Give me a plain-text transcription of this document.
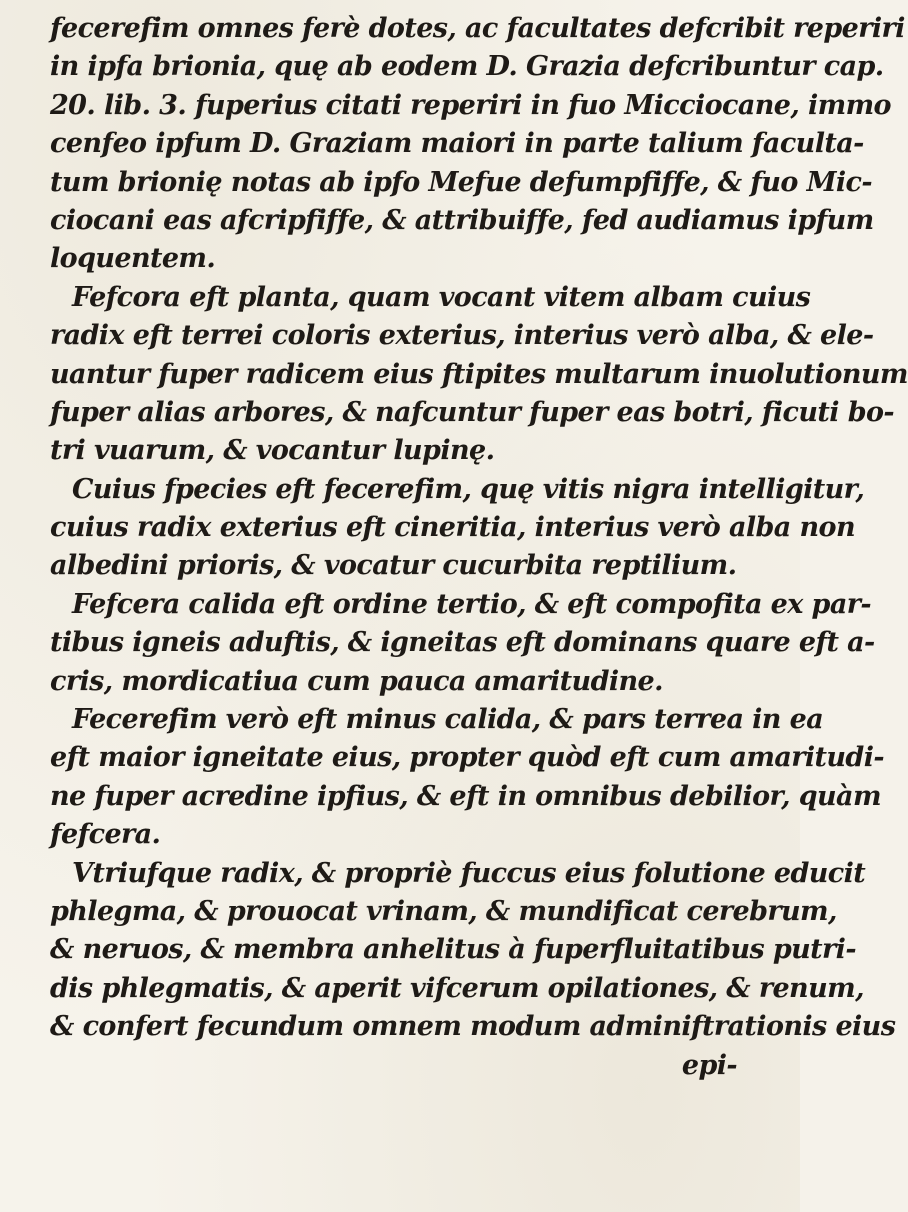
fecerefim omnes ferè dotes, ac facultates defcribit reperiri
in ipfa brionia, quę ab eodem D. Grazia defcribuntur cap.
20. lib. 3. fuperius citati reperiri in fuo Micciocane, immo
cenfeo ipfum D. Graziam maiori in parte talium faculta-
tum brionię notas ab ipfo Mefue defumpfiffe, & fuo Mic-
ciocani eas afcripfiffe, & attribuiffe, fed audiamus ipfum
loquentem.
Fefcora eft planta, quam vocant vitem albam cuius
radix eft terrei coloris exterius, interius verò alba, & ele-
uantur fuper radicem eius ftipites multarum inuolutionum
fuper alias arbores, & nafcuntur fuper eas botri, ficuti bo-
tri vuarum, & vocantur lupinę.
Cuius fpecies eft fecerefim, quę vitis nigra intelligitur,
cuius radix exterius eft cineritia, interius verò alba non
albedini prioris, & vocatur cucurbita reptilium.
Fefcera calida eft ordine tertio, & eft compofita ex par-
tibus igneis aduftis, & igneitas eft dominans quare eft a-
cris, mordicatiua cum pauca amaritudine.
Fecerefim verò eft minus calida, & pars terrea in ea
eft maior igneitate eius, propter quòd eft cum amaritudi-
ne fuper acredine ipfius, & eft in omnibus debilior, quàm
fefcera.
Vtriufque radix, & propriè fuccus eius folutione educit
phlegma, & prouocat vrinam, & mundificat cerebrum,
& neruos, & membra anhelitus à fuperfluitatibus putri-
dis phlegmatis, & aperit vifcerum opilationes, & renum,
& confert fecundum omnem modum adminiftrationis eius
epi-
